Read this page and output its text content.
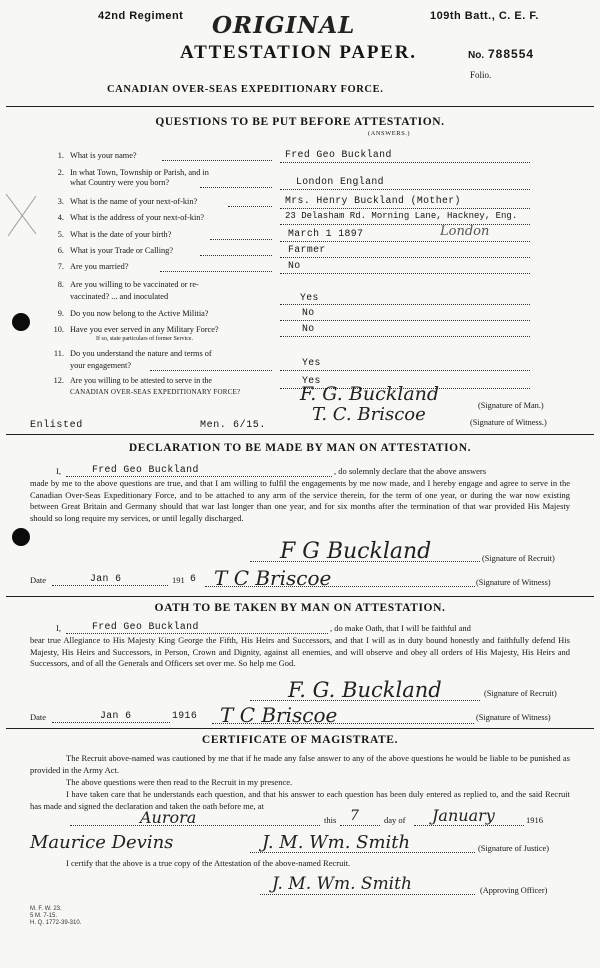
42nd Regiment ORIGINAL	109th Batt., C. E. F.
ATTESTATION PAPER.	No. 788554
Folio.
CANADIAN OVER-SEAS EXPEDITIONARY FORCE.
QUESTIONS TO BE PUT BEFORE ATTESTATION.
(ANSWERS.)
1. What is your name?	Fred Geo Buckland
2. In what Town, Township or Parish, and in
what Country were you born?	London England
3. What is the name of your next-of-kin?	Mrs. Henry Buckland (Mother)
4. What is the address of your next-of-kin?	23 Delasham Rd. Morning Lane, Hackney, Eng.
5. What is the date of your birth?	March 1 1897	London
6. What is your Trade or Calling?	Farmer
7. Are you married?	No
8. Are you willing to be vaccinated or re-
vaccinated? ... and inoculated	Yes
9. Do you now belong to the Active Militia?	No
10. Have you ever served in any Military Force?
If so, state particulars of former Service.
No
11. Do you understand the nature and terms of
your engagement?	Yes
12. Are you willing to be attested to serve in the
CANADIAN OVER-SEAS EXPEDITIONARY FORCE?
Yes
F. G. Buckland
(Signature of Man.)
T. C. Briscoe	(Signature of Witness.)
Enlisted	Men. 6/15.
DECLARATION TO BE MADE BY MAN ON ATTESTATION.
I,	Fred Geo Buckland	, do solemnly declare that the above answers
made by me to the above questions are true, and that I am willing to fulfil the engagements by me now made, and I hereby engage and agree to serve in the Canadian Over-Seas Expeditionary Force, and to be attached to any arm of the service therein, for the term of one year, or during the war now existing between Great Britain and Germany should that war last longer than one year, and for six months after the termination of that war provided His Majesty should so long require my services, or until legally discharged.
F G Buckland	(Signature of Recruit)
Date	Jan 6	191 6 T C Briscoe	(Signature of Witness)
OATH TO BE TAKEN BY MAN ON ATTESTATION.
I,	Fred Geo Buckland	, do make Oath, that I will be faithful and
bear true Allegiance to His Majesty King George the Fifth, His Heirs and Successors, and that I will as in duty bound honestly and faithfully defend His Majesty, His Heirs and Successors, in Person, Crown and Dignity, against all enemies, and will observe and obey all orders of His Majesty, His Heirs and Successors, and of all the Generals and Officers set over me. So help me God.
F. G. Buckland	(Signature of Recruit)
Date	Jan 6	1916 T C Briscoe	(Signature of Witness)
CERTIFICATE OF MAGISTRATE.
The Recruit above-named was cautioned by me that if he made any false answer to any of the above questions he would be liable to be punished as provided in the Army Act.
The above questions were then read to the Recruit in my presence.
I have taken care that he understands each question, and that his answer to each question has been duly entered as replied to, and the said Recruit has made and signed the declaration and taken the oath before me, at
Aurora	this 7	day of January	1916
Maurice Devins	J. M. Wm. Smith	(Signature of Justice)
I certify that the above is a true copy of the Attestation of the above-named Recruit.
J. M. Wm. Smith	(Approving Officer)
M. F. W. 23.
5 M. 7-15.
H. Q. 1772-39-310.
